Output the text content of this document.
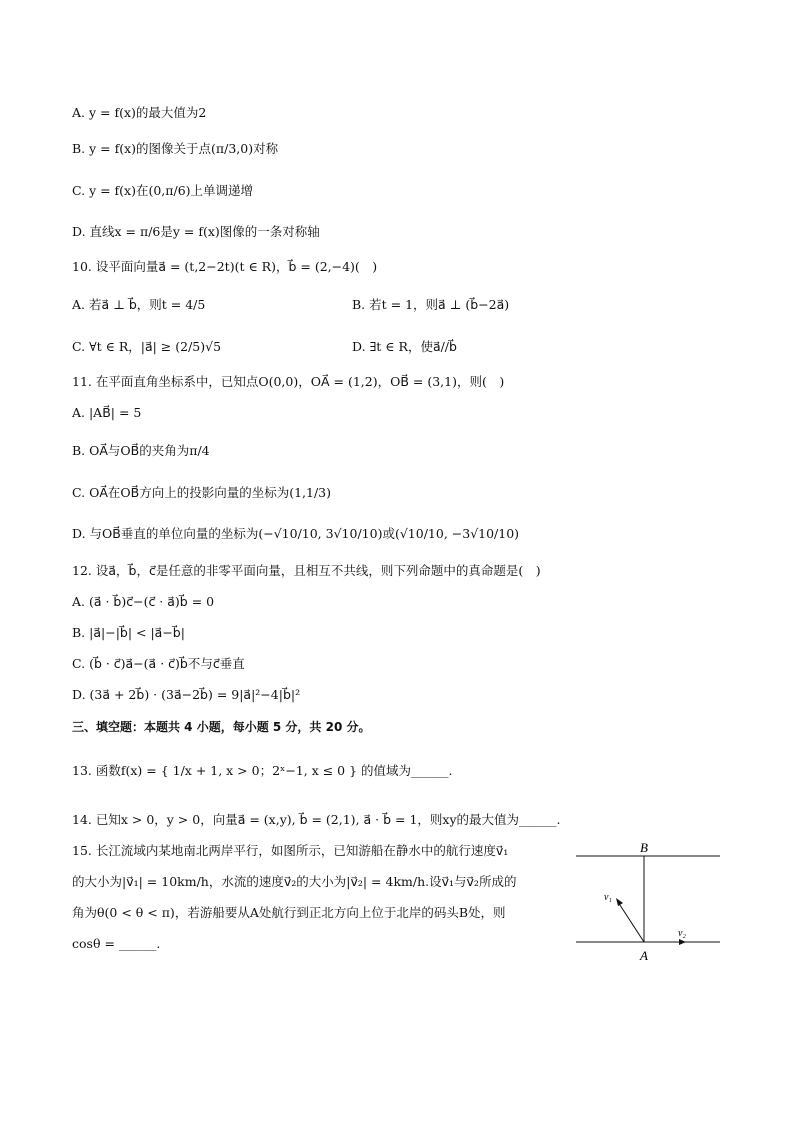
A. y = f(x)的最大值为2
B. y = f(x)的图像关于点(π/3,0)对称
C. y = f(x)在(0,π/6)上单调递增
D. 直线x = π/6是y = f(x)图像的一条对称轴
10. 设平面向量a⃗ = (t,2−2t)(t ∈ R)，b⃗ = (2,−4)(　)
A. 若a⃗ ⊥ b⃗，则t = 4/5	B. 若t = 1，则a⃗ ⊥ (b⃗−2a⃗)
C. ∀t ∈ R，|a⃗| ≥ (2/5)√5	D. ∃t ∈ R，使a⃗//b⃗
11. 在平面直角坐标系中，已知点O(0,0)，OA⃗ = (1,2)，OB⃗ = (3,1)，则(　)
A. |AB⃗| = 5
B. OA⃗与OB⃗的夹角为π/4
C. OA⃗在OB⃗方向上的投影向量的坐标为(1,1/3)
D. 与OB⃗垂直的单位向量的坐标为(−√10/10, 3√10/10)或(√10/10, −3√10/10)
12. 设a⃗，b⃗，c⃗是任意的非零平面向量，且相互不共线，则下列命题中的真命题是(　)
A. (a⃗ · b⃗)c⃗−(c⃗ · a⃗)b⃗ = 0
B. |a⃗|−|b⃗| < |a⃗−b⃗|
C. (b⃗ · c⃗)a⃗−(a⃗ · c⃗)b⃗不与c⃗垂直
D. (3a⃗ + 2b⃗) · (3a⃗−2b⃗) = 9|a⃗|²−4|b⃗|²
三、填空题：本题共 4 小题，每小题 5 分，共 20 分。
13. 函数f(x) = { 1/x + 1, x > 0；2ˣ−1, x ≤ 0 } 的值域为______.
14. 已知x > 0，y > 0，向量a⃗ = (x,y), b⃗ = (2,1), a⃗ · b⃗ = 1，则xy的最大值为______.
15. 长江流域内某地南北两岸平行，如图所示，已知游船在静水中的航行速度v⃗₁
的大小为|v⃗₁| = 10km/h，水流的速度v⃗₂的大小为|v⃗₂| = 4km/h.设v⃗₁与v⃗₂所成的
角为θ(0 < θ < π)，若游船要从A处航行到正北方向上位于北岸的码头B处，则
cosθ = ______.
B
A
v₁
v₂
